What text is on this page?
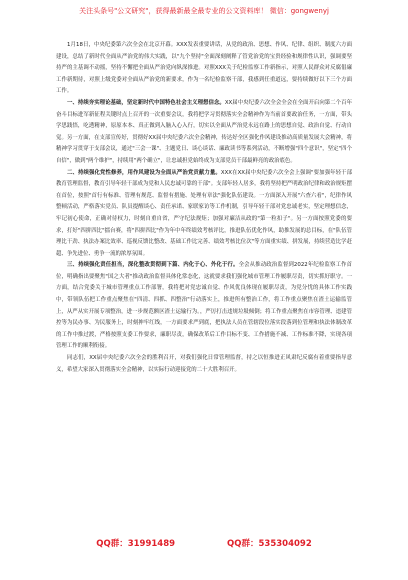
关注头条号"公文研究"，获得最新最全最专业的公文资料库！ 微信：gongwenyj

1月18日，中央纪委第六次全会在北京开幕。XXX发表重要讲话，从党的政治、思想、作风、纪律、组织、制度六方面建设，总结了新时代全面从严治党的伟大实践，以"九个坚持"全面深刻阐释了管党治党的宝贵经验和规律性认识，强调要坚持严的主基调不动摇，坚持不懈把全面从严治党向纵深推进。对照XXX关于纪检监察工作新指示，对照人民群众对反腐倡廉工作新期待，对照上级党委对全面从严治党的新要求，作为一名纪检监察干部，我感到任重道远，要持续做好以下三个方面工作。

一、持续夯实理论基础，坚定新时代中国特色社会主义理想信念。XX届中央纪委六次全会全会在全面开启向第二个百年奋斗目标进军新征程关键时点上召开的一次重要会议，我将把学习贯彻落实全会精神作为当前首要政治任务，一方面，带头学思践悟，吃透精神，原原本本、真正做到入脑入心入行，切实以全面从严治党永远在路上的思想自觉、政治自觉、行动自觉。另一方面，在支部宣传好，贯彻好XX届中央纪委六次全会精神，传达好全区强化作风建设推动高质量发展大会精神，将精神学习贯穿于支部会议，通过"三会一课"、主题党日、谈心谈话、廉政读书等系列活动，不断增强"四个意识"，坚定"四个自信"，做到"两个维护"，持续用"两个确立"，让忠诚担党始终成为支部党员干部最鲜亮的政治底色。

二、持续强化党性修养，用作风建设为全面从严治党贡献力量。XXX在XX届中央纪委六次全会上强调"要加强年轻干部教育管理监督，教育引导年轻干部成为党和人民忠诚可靠的干部"。支部年轻人居多，我将坚持把严明政治纪律和政治规矩摆在首位，按照"首行有标准、管理有规范、监督有措施、处理有章法"强化队伍建设。一方面深入开展"六查六看"，纪律作风整顿活动，严格落实党员、队员提醒谈心、责任承诺、家联家访等工作机制，引导年轻干部对党忠诚老实，坚定理想信念，牢记初心使命，正确对待权力，时刻自重自省，严守纪法规矩；加强对廉洁从政的"第一粒扣子"。另一方面按照党委的要求，打好"四拼四比"擂台赛，将"四拼四比"作为年中年终绩效考核评比，推进队伍优化作风，助推发展的总目标，在"队伍管理比干劲、执法办案比效率、巡视反馈比整改、基础工作比完善、绩效考核比位次"等方面重实绩、拼发展，持续营造比学赶超、争先进位、勇争一流的浓厚氛围。

三、持续强化责任担当，深化整改贯彻到下篇、内化于心、外化于行。全会从推动政治监督到2022年纪检监察工作首位，明确指出要聚焦"国之大者"推动政治监督具体化常态化，这就要求我们强化城市管理工作履职尽责，切实抓好职守。一方面，结合党委关于城市管理重点工作部署，我将把对党忠诚自觉、作风优良体现在履职尽责，为党分忧的具体工作实践中，带领队伍把工作重点聚焦在"四清、四抓、四整治"行动落实上，推进所有整治工作，将工作重点聚焦在渣土运输监管上，从严从实开展专项整治，进一步规范额区渣土运输行为。，严厉打击违规垃圾倾倒；将工作重点聚焦在市容管理、违建管控等为民办事、为民服务上，时刻抻牢红线，一方面要求严到底，把执法人员在管辖段位落实段落到位管理和执法体制改革的工作中推过渡，严格按照支委工作要求，廉职尽责，确保改革后工作目标不变、工作措施不减、工作标准不降，实现各项管理工作的顺利衔接。

同志们，XX届中央纪委六次全会的胜利召开，对我们强化日常管理监督，持之以恒推进正风肃纪反腐有着重要指导意义，希望大家深入贯彻落实全会精神，以实际行动迎接党的二十大胜利召开。

QQ群：31991489	QQ群：535304092
